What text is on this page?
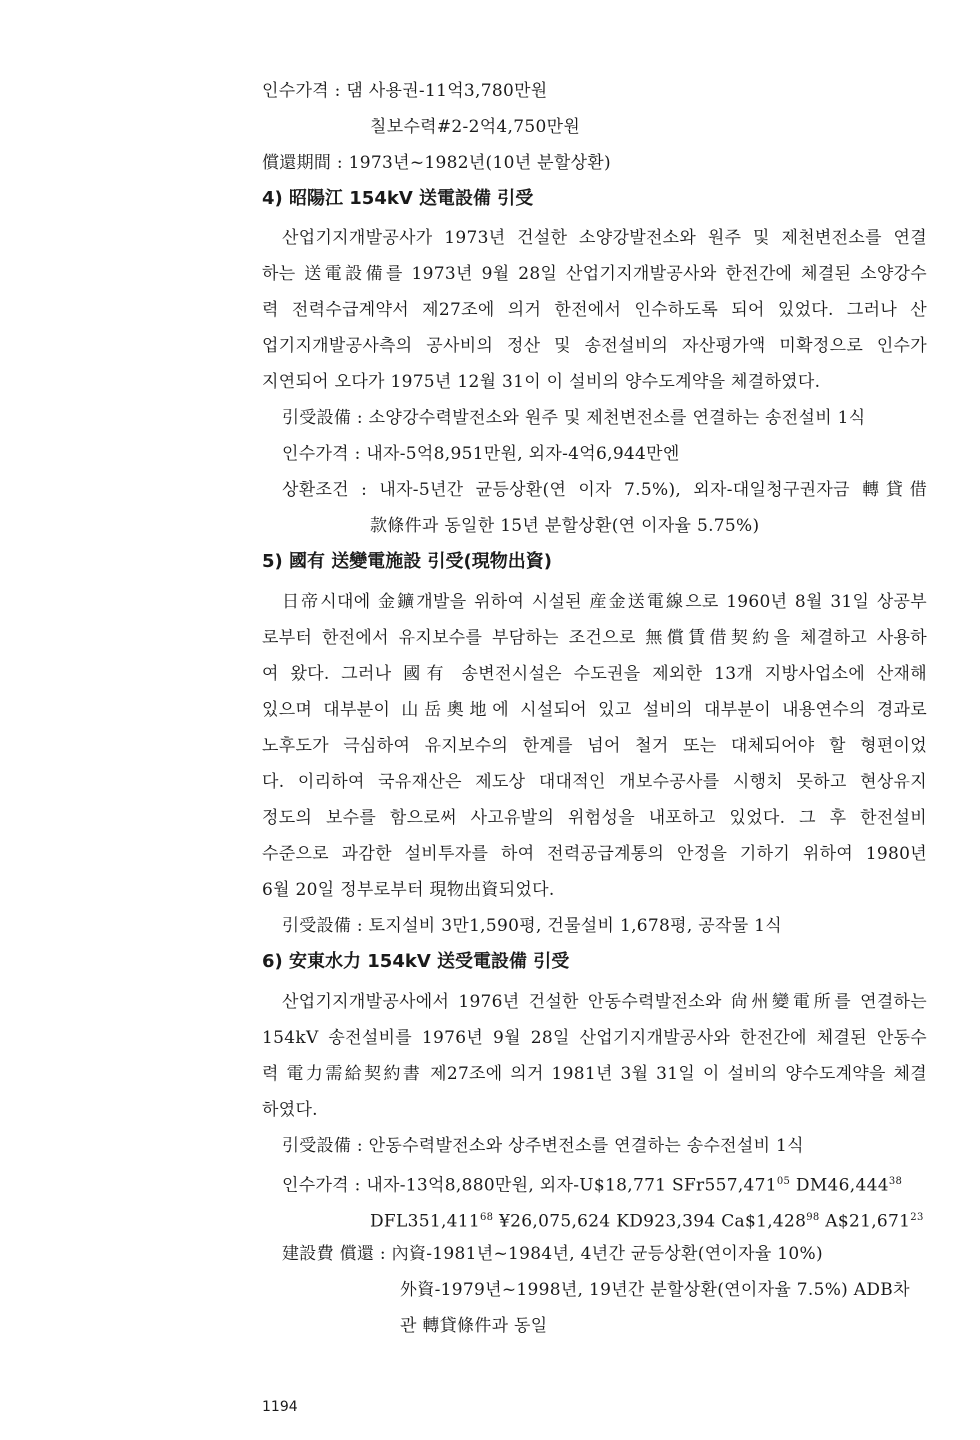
인수가격 : 댐 사용권-11억3,780만원
칠보수력#2-2억4,750만원
償還期間 : 1973년~1982년(10년 분할상환)
4) 昭陽江 154kV 送電設備 引受
산업기지개발공사가 1973년 건설한 소양강발전소와 원주 및 제천변전소를 연결
하는 送電設備를 1973년 9월 28일 산업기지개발공사와 한전간에 체결된 소양강수
력 전력수급계약서 제27조에 의거 한전에서 인수하도록 되어 있었다. 그러나 산
업기지개발공사측의 공사비의 정산 및 송전설비의 자산평가액 미확정으로 인수가
지연되어 오다가 1975년 12월 31이 이 설비의 양수도계약을 체결하였다.
引受設備 : 소양강수력발전소와 원주 및 제천변전소를 연결하는 송전설비 1식
인수가격 : 내자-5억8,951만원, 외자-4억6,944만엔
상환조건 : 내자-5년간 균등상환(연 이자 7.5%), 외자-대일청구권자금 轉貸借
款條件과 동일한 15년 분할상환(연 이자율 5.75%)
5) 國有 送變電施設 引受(現物出資)
日帝시대에 金鑛개발을 위하여 시설된 産金送電線으로 1960년 8월 31일 상공부
로부터 한전에서 유지보수를 부담하는 조건으로 無償賃借契約을 체결하고 사용하
여 왔다. 그러나 國有 송변전시설은 수도권을 제외한 13개 지방사업소에 산재해
있으며 대부분이 山岳奧地에 시설되어 있고 설비의 대부분이 내용연수의 경과로
노후도가 극심하여 유지보수의 한계를 넘어 철거 또는 대체되어야 할 형편이었
다. 이리하여 국유재산은 제도상 대대적인 개보수공사를 시행치 못하고 현상유지
정도의 보수를 함으로써 사고유발의 위험성을 내포하고 있었다. 그 후 한전설비
수준으로 과감한 설비투자를 하여 전력공급계통의 안정을 기하기 위하여 1980년
6월 20일 정부로부터 現物出資되었다.
引受設備 : 토지설비 3만1,590평, 건물설비 1,678평, 공작물 1식
6) 安東水力 154kV 送受電設備 引受
산업기지개발공사에서 1976년 건설한 안동수력발전소와 尙州變電所를 연결하는
154kV 송전설비를 1976년 9월 28일 산업기지개발공사와 한전간에 체결된 안동수
력 電力需給契約書 제27조에 의거 1981년 3월 31일 이 설비의 양수도계약을 체결
하였다.
引受設備 : 안동수력발전소와 상주변전소를 연결하는 송수전설비 1식
인수가격 : 내자-13억8,880만원, 외자-U$18,771 SFr557,471$^{05}$ DM46,444$^{38}$
DFL351,411$^{68}$ ¥26,075,624 KD923,394 Ca$1,428$^{98}$ A$21,671$^{23}$
建設費 償還 : 內資-1981년~1984년, 4년간 균등상환(연이자율 10%)
外資-1979년~1998년, 19년간 분할상환(연이자율 7.5%) ADB차
관 轉貸條件과 동일
1194
